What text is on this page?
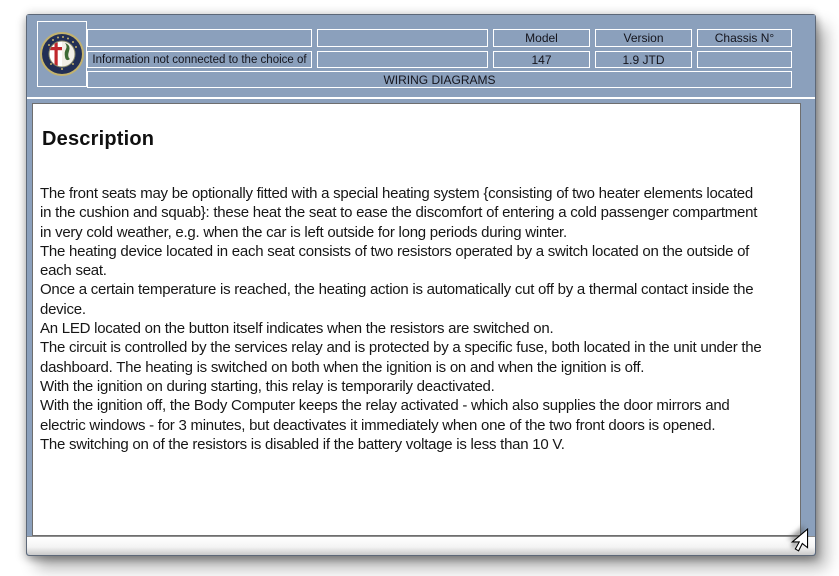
Information not connected to the choice of
Model
147
Version
1.9 JTD
Chassis N°
WIRING DIAGRAMS
Description
The front seats may be optionally fitted with a special heating system {consisting of two heater elements located in the cushion and squab}: these heat the seat to ease the discomfort of entering a cold passenger compartment in very cold weather, e.g. when the car is left outside for long periods during winter.
The heating device located in each seat consists of two resistors operated by a switch located on the outside of each seat.
Once a certain temperature is reached, the heating action is automatically cut off by a thermal contact inside the device.
An LED located on the button itself indicates when the resistors are switched on.
The circuit is controlled by the services relay and is protected by a specific fuse, both located in the unit under the dashboard. The heating is switched on both when the ignition is on and when the ignition is off.
With the ignition on during starting, this relay is temporarily deactivated.
With the ignition off, the Body Computer keeps the relay activated - which also supplies the door mirrors and electric windows - for 3 minutes, but deactivates it immediately when one of the two front doors is opened.
The switching on of the resistors is disabled if the battery voltage is less than 10 V.
